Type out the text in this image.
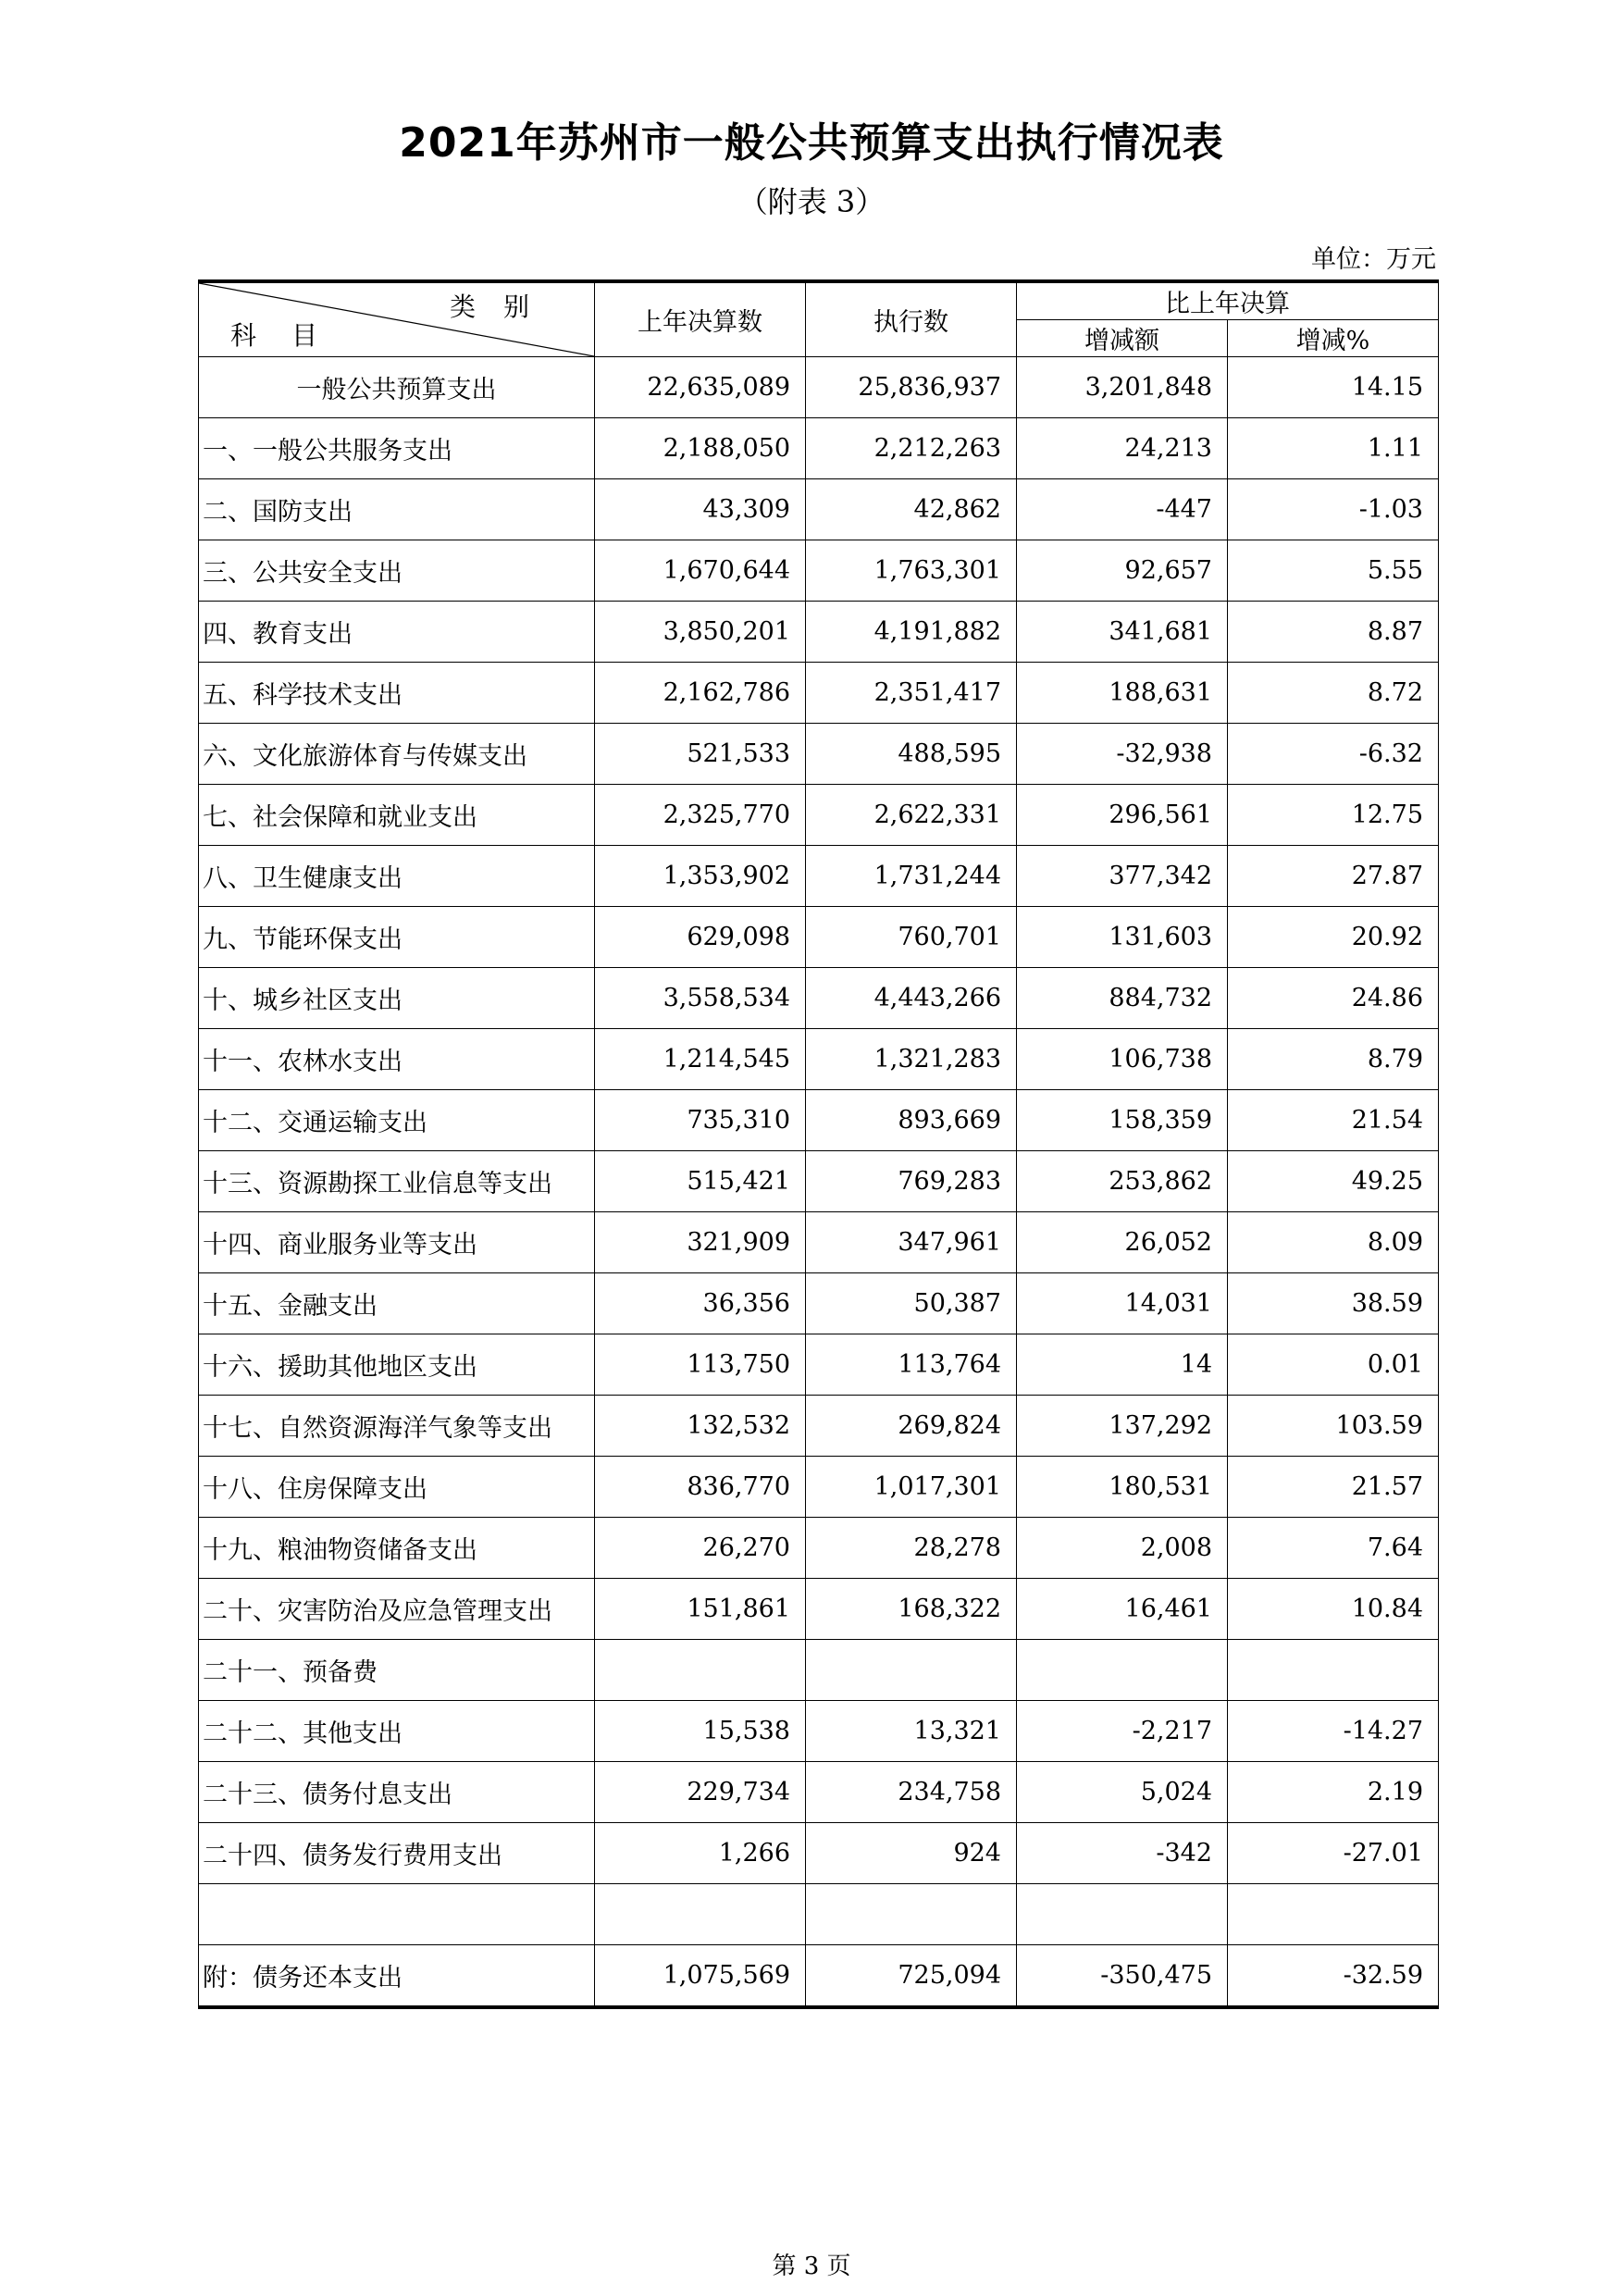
2021年苏州市一般公共预算支出执行情况表
（附表 3）
单位：万元
类别
科目	上年决算数	执行数	比上年决算	
			增减额	增减%
一般公共预算支出	22,635,089	25,836,937	3,201,848	14.15
一、一般公共服务支出	2,188,050	2,212,263	24,213	1.11
二、国防支出	43,309	42,862	-447	-1.03
三、公共安全支出	1,670,644	1,763,301	92,657	5.55
四、教育支出	3,850,201	4,191,882	341,681	8.87
五、科学技术支出	2,162,786	2,351,417	188,631	8.72
六、文化旅游体育与传媒支出	521,533	488,595	-32,938	-6.32
七、社会保障和就业支出	2,325,770	2,622,331	296,561	12.75
八、卫生健康支出	1,353,902	1,731,244	377,342	27.87
九、节能环保支出	629,098	760,701	131,603	20.92
十、城乡社区支出	3,558,534	4,443,266	884,732	24.86
十一、农林水支出	1,214,545	1,321,283	106,738	8.79
十二、交通运输支出	735,310	893,669	158,359	21.54
十三、资源勘探工业信息等支出	515,421	769,283	253,862	49.25
十四、商业服务业等支出	321,909	347,961	26,052	8.09
十五、金融支出	36,356	50,387	14,031	38.59
十六、援助其他地区支出	113,750	113,764	14	0.01
十七、自然资源海洋气象等支出	132,532	269,824	137,292	103.59
十八、住房保障支出	836,770	1,017,301	180,531	21.57
十九、粮油物资储备支出	26,270	28,278	2,008	7.64
二十、灾害防治及应急管理支出	151,861	168,322	16,461	10.84
二十一、预备费				
二十二、其他支出	15,538	13,321	-2,217	-14.27
二十三、债务付息支出	229,734	234,758	5,024	2.19
二十四、债务发行费用支出	1,266	924	-342	-27.01

附：债务还本支出	1,075,569	725,094	-350,475	-32.59
第 3 页
